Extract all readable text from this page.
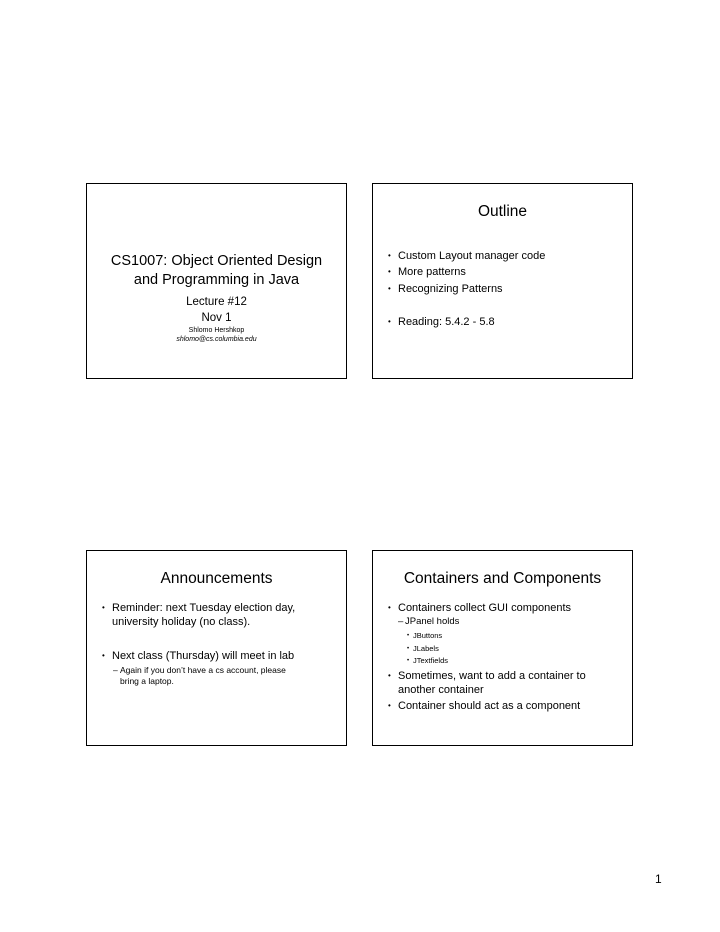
CS1007: Object Oriented Design
and Programming in Java
Lecture #12
Nov 1
Shlomo Hershkop
shlomo@cs.columbia.edu
Outline
• Custom Layout manager code
• More patterns
• Recognizing Patterns
• Reading: 5.4.2 - 5.8
Announcements
• Reminder: next Tuesday election day,
university holiday (no class).
• Next class (Thursday) will meet in lab
– Again if you don’t have a cs account, please
bring a laptop.
Containers and Components
• Containers collect GUI components
– JPanel holds
• JButtons
• JLabels
• JTextfields
• Sometimes, want to add a container to
another container
• Container should act as a component
1
